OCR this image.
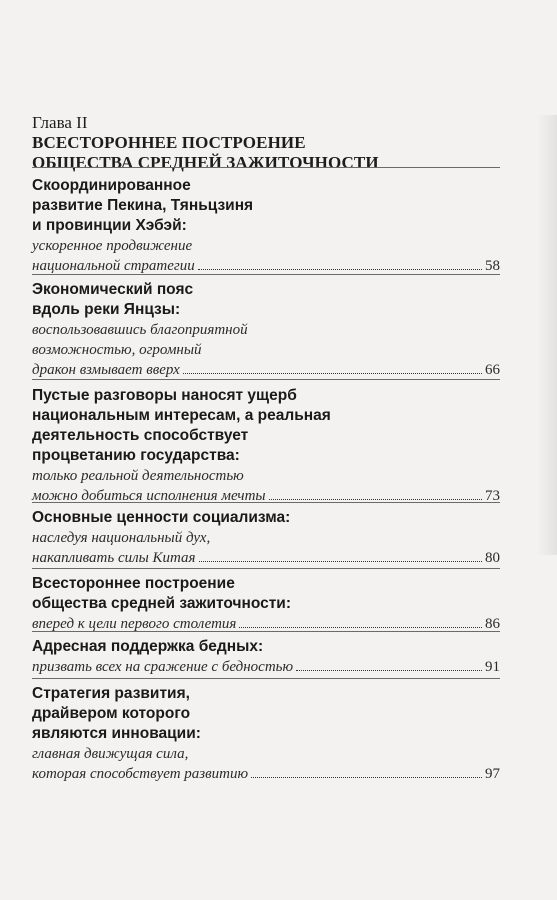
Глава II
ВСЕСТОРОННЕЕ ПОСТРОЕНИЕ
ОБЩЕСТВА СРЕДНЕЙ ЗАЖИТОЧНОСТИ
Скоординированное
развитие Пекина, Тяньцзиня
и провинции Хэбэй:
ускоренное продвижение
национальной стратегии	58
Экономический пояс
вдоль реки Янцзы:
воспользовавшись благоприятной
возможностью, огромный
дракон взмывает вверх	66
Пустые разговоры наносят ущерб
национальным интересам, а реальная
деятельность способствует
процветанию государства:
только реальной деятельностью
можно добиться исполнения мечты	73
Основные ценности социализма:
наследуя национальный дух,
накапливать силы Китая	80
Всестороннее построение
общества средней зажиточности:
вперед к цели первого столетия	86
Адресная поддержка бедных:
призвать всех на сражение с бедностью	91
Стратегия развития,
драйвером которого
являются инновации:
главная движущая сила,
которая способствует развитию	97
